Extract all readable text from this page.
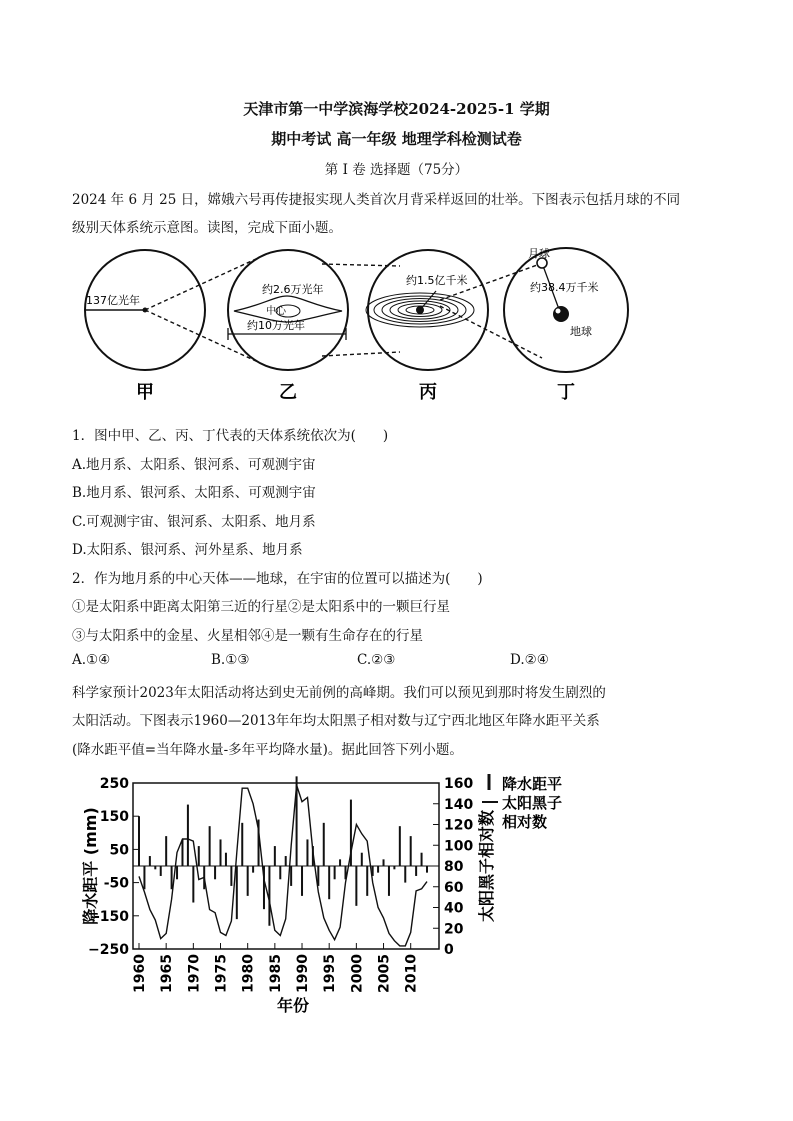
天津市第一中学滨海学校2024-2025-1 学期
期中考试 高一年级 地理学科检测试卷
第 I 卷 选择题（75分）
2024 年 6 月 25 日，嫦娥六号再传捷报实现人类首次月背采样返回的壮举。下图表示包括月球的不同
级别天体系统示意图。读图，完成下面小题。
137亿光年
甲
约2.6万光年
中心
约10万光年
乙
约1.5亿千米
丙
月球
约38.4万千米
地球
丁
1．图中甲、乙、丙、丁代表的天体系统依次为(　　)
A.地月系、太阳系、银河系、可观测宇宙
B.地月系、银河系、太阳系、可观测宇宙
C.可观测宇宙、银河系、太阳系、地月系
D.太阳系、银河系、河外星系、地月系
2．作为地月系的中心天体——地球，在宇宙的位置可以描述为(　　)
①是太阳系中距离太阳第三近的行星②是太阳系中的一颗巨行星
③与太阳系中的金星、火星相邻④是一颗有生命存在的行星
A.①④	B.①③	C.②③	D.②④
科学家预计2023年太阳活动将达到史无前例的高峰期。我们可以预见到那时将发生剧烈的
太阳活动。下图表示1960—2013年年均太阳黑子相对数与辽宁西北地区年降水距平关系
(降水距平值=当年降水量-多年平均降水量)。据此回答下列小题。
250
150
50
-50
-150
−250
160
140
120
100
80
60
40
20
0
1960 1965 1970 1975 1980 1985 1990 1995 2000 2005 2010
降水距平 (mm)	太阳黑子相对数
年份
降水距平
太阳黑子
相对数
